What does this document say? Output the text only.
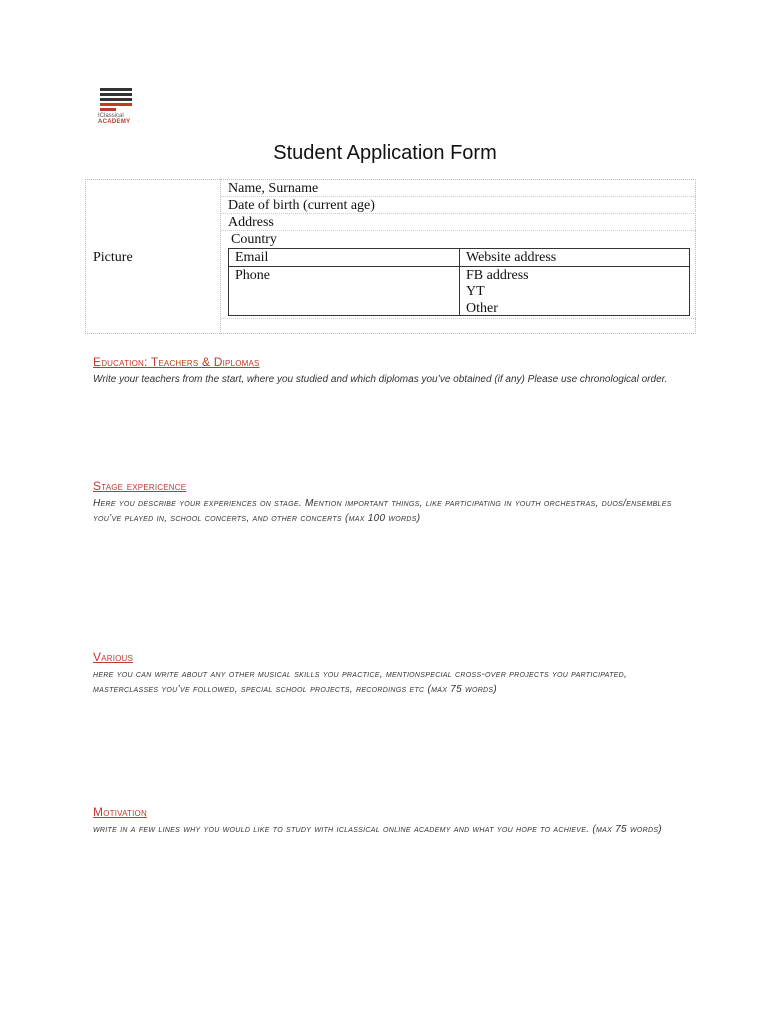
IClassical
ACADEMY
Student Application Form
Picture
Name, Surname
Date of birth (current age)
Address
Country
Email
Phone
Website address
FB address
YT
Other
Education: Teachers & Diplomas
Write your teachers from the start, where you studied and which diplomas you’ve obtained (if any) Please use chronological order.
Stage expericence
Here you describe your experiences on stage. Mention important things, like participating in youth orchestras, duos/ensembles you’ve played in, school concerts, and other concerts (max 100 words)
Various
here you can write about any other musical skills you practice, mentionspecial cross-over projects you participated, masterclasses you’ve followed, special school projects, recordings etc (max 75 words)
Motivation
write in a few lines why you would like to study with iclassical online academy and what you hope to achieve. (max 75 words)
